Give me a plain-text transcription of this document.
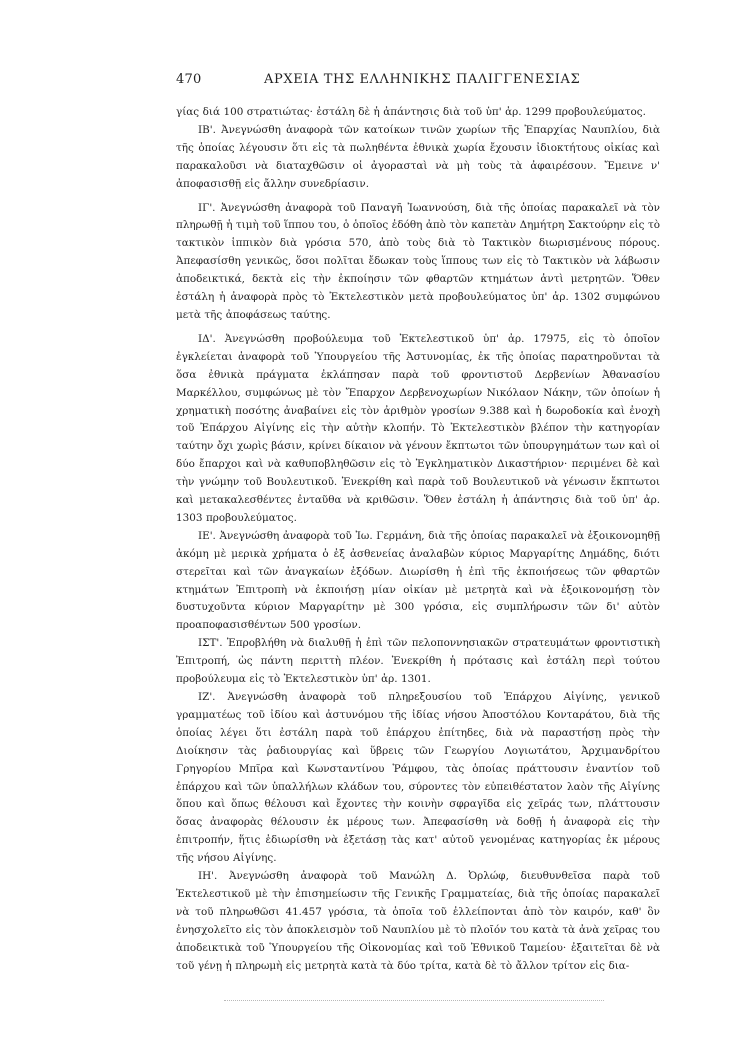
470	ΑΡΧΕΙΑ ΤΗΣ ΕΛΛΗΝΙΚΗΣ ΠΑΛΙΓΓΕΝΕΣΙΑΣ

γίας διά 100 στρατιώτας· ἐστάλη δὲ ἡ ἀπάντησις διὰ τοῦ ὑπ' ἀρ. 1299 προβουλεύματος.

ΙΒ'. Ἀνεγνώσθη ἀναφορὰ τῶν κατοίκων τινῶν χωρίων τῆς Ἐπαρχίας Ναυπλίου, διὰ τῆς ὁποίας λέγουσιν ὅτι εἰς τὰ πωληθέντα ἐθνικὰ χωρία ἔχουσιν ἰδιοκτήτους οἰκίας καὶ παρακαλοῦσι νὰ διαταχθῶσιν οἱ ἀγορασταὶ νὰ μὴ τοὺς τὰ ἀφαιρέσουν. Ἔμεινε ν' ἀποφασισθῇ εἰς ἄλλην συνεδρίασιν.

ΙΓ'. Ἀνεγνώσθη ἀναφορὰ τοῦ Παναγῆ Ἰωαννούση, διὰ τῆς ὁποίας παρακαλεῖ νὰ τὸν πληρωθῇ ἡ τιμὴ τοῦ ἵππου του, ὁ ὁποῖος ἐδόθη ἀπὸ τὸν καπετὰν Δημήτρη Σακτούρην εἰς τὸ τακτικὸν ἱππικὸν διὰ γρόσια 570, ἀπὸ τοὺς διὰ τὸ Τακτικὸν διωρισμένους πόρους. Ἀπεφασίσθη γενικῶς, ὅσοι πολῖται ἔδωκαν τοὺς ἵππους των εἰς τὸ Τακτικὸν νὰ λάβωσιν ἀποδεικτικά, δεκτὰ εἰς τὴν ἐκποίησιν τῶν φθαρτῶν κτημάτων ἀντὶ μετρητῶν. Ὅθεν ἐστάλη ἡ ἀναφορὰ πρὸς τὸ Ἐκτελεστικὸν μετὰ προβουλεύματος ὑπ' ἀρ. 1302 συμφώνου μετὰ τῆς ἀποφάσεως ταύτης.

ΙΔ'. Ἀνεγνώσθη προβούλευμα τοῦ Ἐκτελεστικοῦ ὑπ' ἀρ. 17975, εἰς τὸ ὁποῖον ἐγκλείεται ἀναφορὰ τοῦ Ὑπουργείου τῆς Ἀστυνομίας, ἐκ τῆς ὁποίας παρατηροῦνται τὰ ὅσα ἐθνικὰ πράγματα ἐκλάπησαν παρὰ τοῦ φροντιστοῦ Δερβενίων Ἀθανασίου Μαρκέλλου, συμφώνως μὲ τὸν Ἔπαρχον Δερβενοχωρίων Νικόλαον Νάκην, τῶν ὁποίων ἡ χρηματικὴ ποσότης ἀναβαίνει εἰς τὸν ἀριθμὸν γροσίων 9.388 καὶ ἡ δωροδοκία καὶ ἐνοχὴ τοῦ Ἐπάρχου Αἰγίνης εἰς τὴν αὐτὴν κλοπήν. Τὸ Ἐκτελεστικὸν βλέπον τὴν κατηγορίαν ταύτην ὄχι χωρὶς βάσιν, κρίνει δίκαιον νὰ γένουν ἔκπτωτοι τῶν ὑπουργημάτων των καὶ οἱ δύο ἔπαρχοι καὶ νὰ καθυποβληθῶσιν εἰς τὸ Ἐγκληματικὸν Δικαστήριον· περιμένει δὲ καὶ τὴν γνώμην τοῦ Βουλευτικοῦ. Ἐνεκρίθη καὶ παρὰ τοῦ Βουλευτικοῦ νὰ γένωσιν ἔκπτωτοι καὶ μετακαλεσθέντες ἐνταῦθα νὰ κριθῶσιν. Ὅθεν ἐστάλη ἡ ἀπάντησις διὰ τοῦ ὑπ' ἀρ. 1303 προβουλεύματος.

ΙΕ'. Ἀνεγνώσθη ἀναφορὰ τοῦ Ἰω. Γερμάνη, διὰ τῆς ὁποίας παρακαλεῖ νὰ ἐξοικονομηθῇ ἀκόμη μὲ μερικὰ χρήματα ὁ ἐξ ἀσθενείας ἀναλαβὼν κύριος Μαργαρίτης Δημάδης, διότι στερεῖται καὶ τῶν ἀναγκαίων ἐξόδων. Διωρίσθη ἡ ἐπὶ τῆς ἐκποιήσεως τῶν φθαρτῶν κτημάτων Ἐπιτροπὴ νὰ ἐκποιήσῃ μίαν οἰκίαν μὲ μετρητὰ καὶ νὰ ἐξοικονομήσῃ τὸν δυστυχοῦντα κύριον Μαργαρίτην μὲ 300 γρόσια, εἰς συμπλήρωσιν τῶν δι' αὐτὸν προαποφασισθέντων 500 γροσίων.

ΙΣΤ'. Ἐπροβλήθη νὰ διαλυθῇ ἡ ἐπὶ τῶν πελοποννησιακῶν στρατευμάτων φροντιστικὴ Ἐπιτροπή, ὡς πάντη περιττὴ πλέον. Ἐνεκρίθη ἡ πρότασις καὶ ἐστάλη περὶ τούτου προβούλευμα εἰς τὸ Ἐκτελεστικὸν ὑπ' ἀρ. 1301.

ΙΖ'. Ἀνεγνώσθη ἀναφορὰ τοῦ πληρεξουσίου τοῦ Ἐπάρχου Αἰγίνης, γενικοῦ γραμματέως τοῦ ἰδίου καὶ ἀστυνόμου τῆς ἰδίας νήσου Ἀποστόλου Κονταράτου, διὰ τῆς ὁποίας λέγει ὅτι ἐστάλη παρὰ τοῦ ἐπάρχου ἐπίτηδες, διὰ νὰ παραστήσῃ πρὸς τὴν Διοίκησιν τὰς ῥαδιουργίας καὶ ὕβρεις τῶν Γεωργίου Λογιωτάτου, Ἀρχιμανδρίτου Γρηγορίου Μπῖρα καὶ Κωνσταντίνου Ῥάμφου, τὰς ὁποίας πράττουσιν ἐναντίον τοῦ ἐπάρχου καὶ τῶν ὑπαλλήλων κλάδων του, σύροντες τὸν εὐπειθέστατον λαὸν τῆς Αἰγίνης ὅπου καὶ ὅπως θέλουσι καὶ ἔχοντες τὴν κοινὴν σφραγῖδα εἰς χεῖράς των, πλάττουσιν ὅσας ἀναφορὰς θέλουσιν ἐκ μέρους των. Ἀπεφασίσθη νὰ δοθῇ ἡ ἀναφορὰ εἰς τὴν ἐπιτροπήν, ἥτις ἐδιωρίσθη νὰ ἐξετάσῃ τὰς κατ' αὐτοῦ γενομένας κατηγορίας ἐκ μέρους τῆς νήσου Αἰγίνης.

ΙΗ'. Ἀνεγνώσθη ἀναφορὰ τοῦ Μανώλη Δ. Ὀρλώφ, διευθυνθεῖσα παρὰ τοῦ Ἐκτελεστικοῦ μὲ τὴν ἐπισημείωσιν τῆς Γενικῆς Γραμματείας, διὰ τῆς ὁποίας παρακαλεῖ νὰ τοῦ πληρωθῶσι 41.457 γρόσια, τὰ ὁποῖα τοῦ ἐλλείπονται ἀπὸ τὸν καιρόν, καθ' ὃν ἐνησχολεῖτο εἰς τὸν ἀποκλεισμὸν τοῦ Ναυπλίου μὲ τὸ πλοῖόν του κατὰ τὰ ἀνὰ χεῖρας του ἀποδεικτικὰ τοῦ Ὑπουργείου τῆς Οἰκονομίας καὶ τοῦ Ἐθνικοῦ Ταμείου· ἐξαιτεῖται δὲ νὰ τοῦ γένῃ ἡ πληρωμὴ εἰς μετρητὰ κατὰ τὰ δύο τρίτα, κατὰ δὲ τὸ ἄλλον τρίτον εἰς δια-
